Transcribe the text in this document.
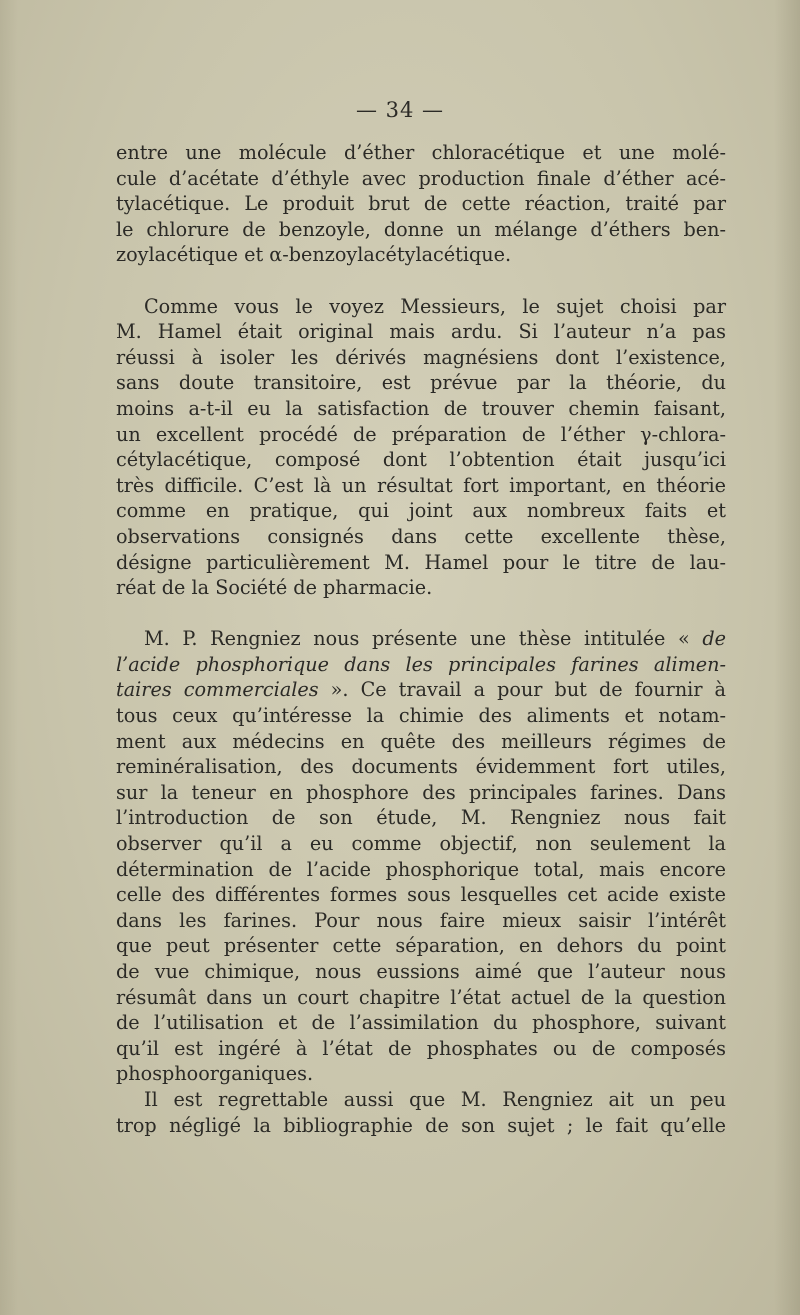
— 34 —
entre une molécule d’éther chloracétique et une molé-
cule d’acétate d’éthyle avec production finale d’éther acé-
tylacétique. Le produit brut de cette réaction, traité par
le chlorure de benzoyle, donne un mélange d’éthers ben-
zoylacétique et α-benzoylacétylacétique.
Comme vous le voyez Messieurs, le sujet choisi par
M. Hamel était original mais ardu. Si l’auteur n’a pas
réussi à isoler les dérivés magnésiens dont l’existence,
sans doute transitoire, est prévue par la théorie, du
moins a-t-il eu la satisfaction de trouver chemin faisant,
un excellent procédé de préparation de l’éther γ-chlora-
cétylacétique, composé dont l’obtention était jusqu’ici
très difficile. C’est là un résultat fort important, en théorie
comme en pratique, qui joint aux nombreux faits et
observations consignés dans cette excellente thèse,
désigne particulièrement M. Hamel pour le titre de lau-
réat de la Société de pharmacie.
M. P. Rengniez nous présente une thèse intitulée « de
l’acide phosphorique dans les principales farines alimen-
taires commerciales ». Ce travail a pour but de fournir à
tous ceux qu’intéresse la chimie des aliments et notam-
ment aux médecins en quête des meilleurs régimes de
reminéralisation, des documents évidemment fort utiles,
sur la teneur en phosphore des principales farines. Dans
l’introduction de son étude, M. Rengniez nous fait
observer qu’il a eu comme objectif, non seulement la
détermination de l’acide phosphorique total, mais encore
celle des différentes formes sous lesquelles cet acide existe
dans les farines. Pour nous faire mieux saisir l’intérêt
que peut présenter cette séparation, en dehors du point
de vue chimique, nous eussions aimé que l’auteur nous
résumât dans un court chapitre l’état actuel de la question
de l’utilisation et de l’assimilation du phosphore, suivant
qu’il est ingéré à l’état de phosphates ou de composés
phosphoorganiques.
Il est regrettable aussi que M. Rengniez ait un peu
trop négligé la bibliographie de son sujet ; le fait qu’elle
